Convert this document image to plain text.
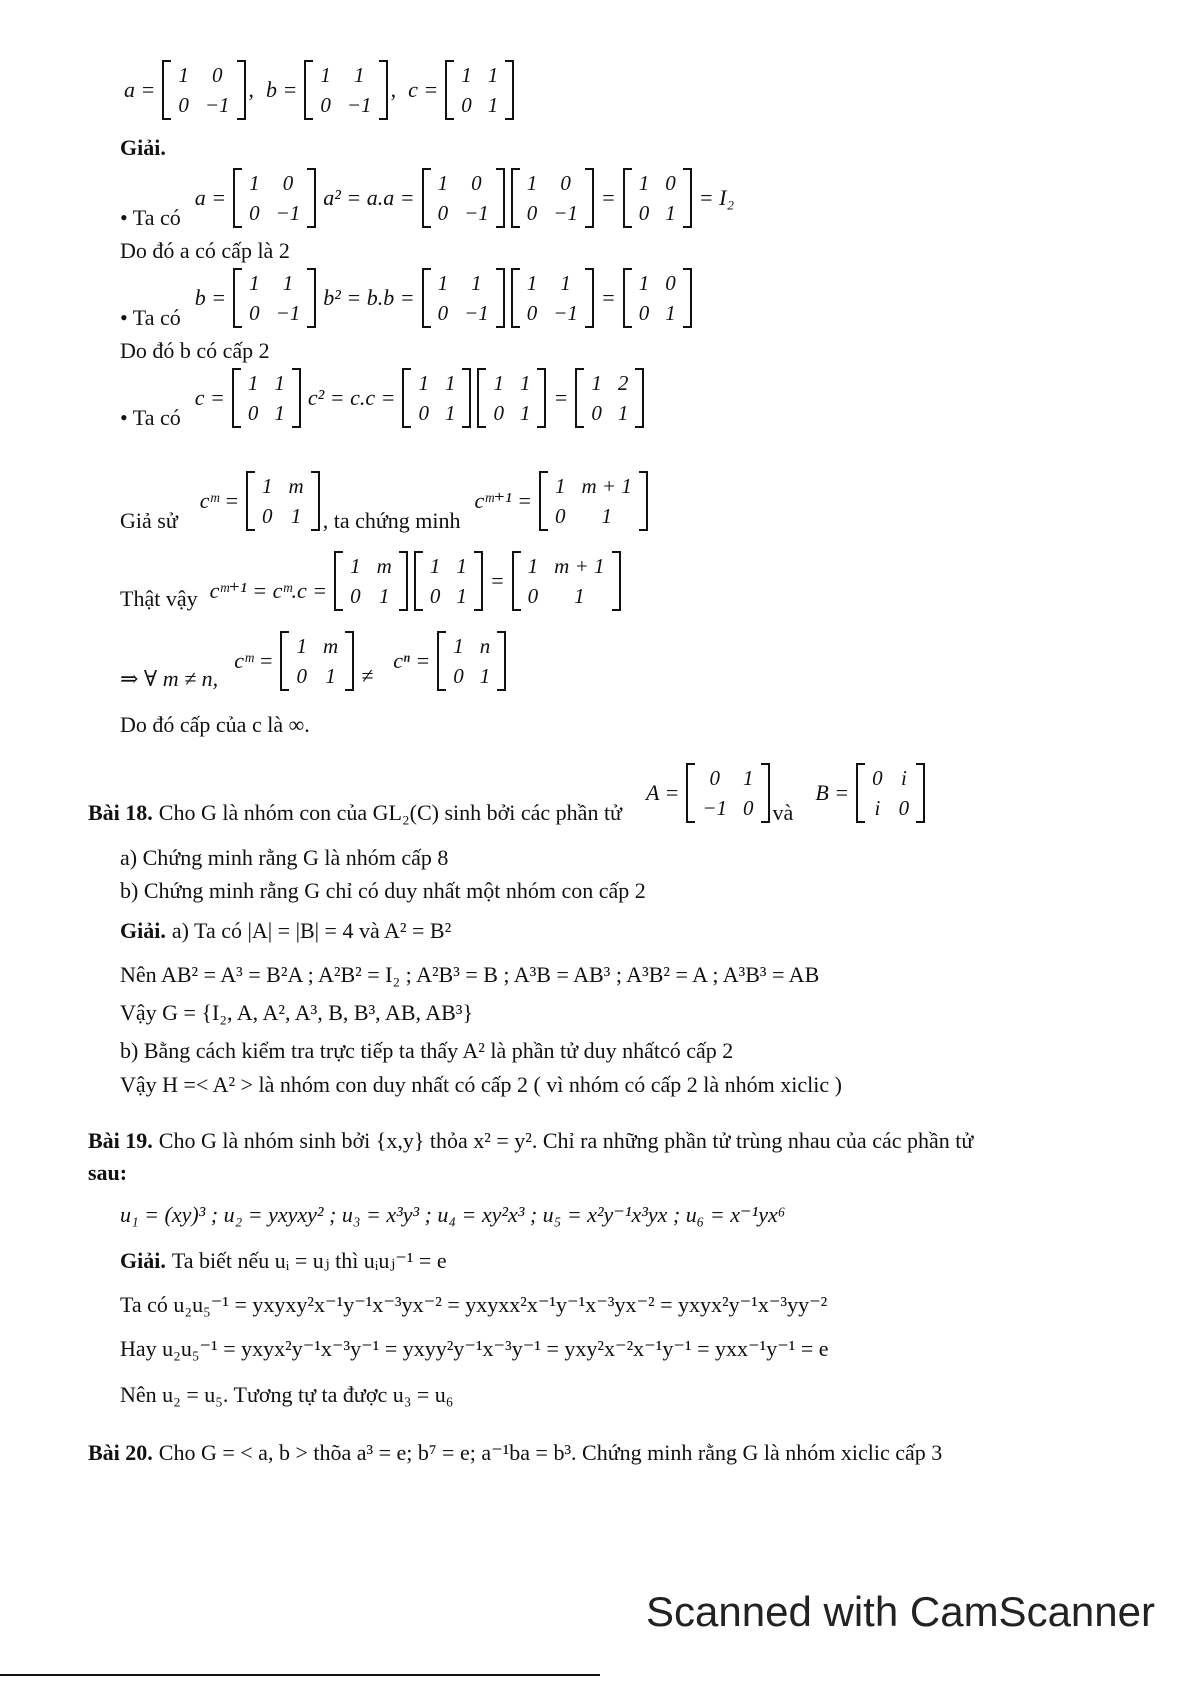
a =
1	0
0	−1
, b =
1	1
0	−1
, c =
1	1
0	1
Giải.
• Ta có
a =
1	0
0	−1
a² = a.a =
1	0
0	−1
1	0
0	−1
=
1	0
0	1
= I₂
Do đó a có cấp là 2
• Ta có
b =
1	1
0	−1
b² = b.b =
1	1
0	−1
1	1
0	−1
=
1	0
0	1
Do đó b có cấp 2
• Ta có
c =
1	1
0	1
c² = c.c =
1	1
0	1
1	1
0	1
=
1	2
0	1
Giả sử
cᵐ =
1	m
0	1 , ta chứng minh
cᵐ⁺¹ =
1	m + 1
0	1
Thật vậy cᵐ⁺¹ = cᵐ.c =
1	m
0	1
1	1
0	1
=
1	m + 1
0	1
⇒ ∀ m ≠ n,
cᵐ =
1	m
0	1 ≠
cⁿ =
1	n
0	1
Do đó cấp của c là ∞.
Bài 18. Cho G là nhóm con của GL₂(C) sinh bởi các phần tử
A =
0	1
−1	0 và
B =
0	i
i	0
a) Chứng minh rằng G là nhóm cấp 8
b) Chứng minh rằng G chỉ có duy nhất một nhóm con cấp 2
Giải. a) Ta có |A| = |B| = 4 và A² = B²
Nên AB² = A³ = B²A ; A²B² = I₂ ; A²B³ = B ; A³B = AB³ ; A³B² = A ; A³B³ = AB
Vậy G = {I₂, A, A², A³, B, B³, AB, AB³}
b) Bằng cách kiểm tra trực tiếp ta thấy A² là phần tử duy nhấtcó cấp 2
Vậy H =< A² > là nhóm con duy nhất có cấp 2 ( vì nhóm có cấp 2 là nhóm xiclic )
Bài 19. Cho G là nhóm sinh bởi {x,y} thỏa x² = y². Chỉ ra những phần tử trùng nhau của các phần tử
sau:
u₁ = (xy)³ ; u₂ = yxyxy² ; u₃ = x³y³ ; u₄ = xy²x³ ; u₅ = x²y⁻¹x³yx ; u₆ = x⁻¹yx⁶
Giải. Ta biết nếu uᵢ = uⱼ thì uᵢuⱼ⁻¹ = e
Ta có u₂u₅⁻¹ = yxyxy²x⁻¹y⁻¹x⁻³yx⁻² = yxyxx²x⁻¹y⁻¹x⁻³yx⁻² = yxyx²y⁻¹x⁻³yy⁻²
Hay u₂u₅⁻¹ = yxyx²y⁻¹x⁻³y⁻¹ = yxyy²y⁻¹x⁻³y⁻¹ = yxy²x⁻²x⁻¹y⁻¹ = yxx⁻¹y⁻¹ = e
Nên u₂ = u₅. Tương tự ta được u₃ = u₆
Bài 20. Cho G = < a, b > thõa a³ = e; b⁷ = e; a⁻¹ba = b³. Chứng minh rằng G là nhóm xiclic cấp 3
Scanned with CamScanner
